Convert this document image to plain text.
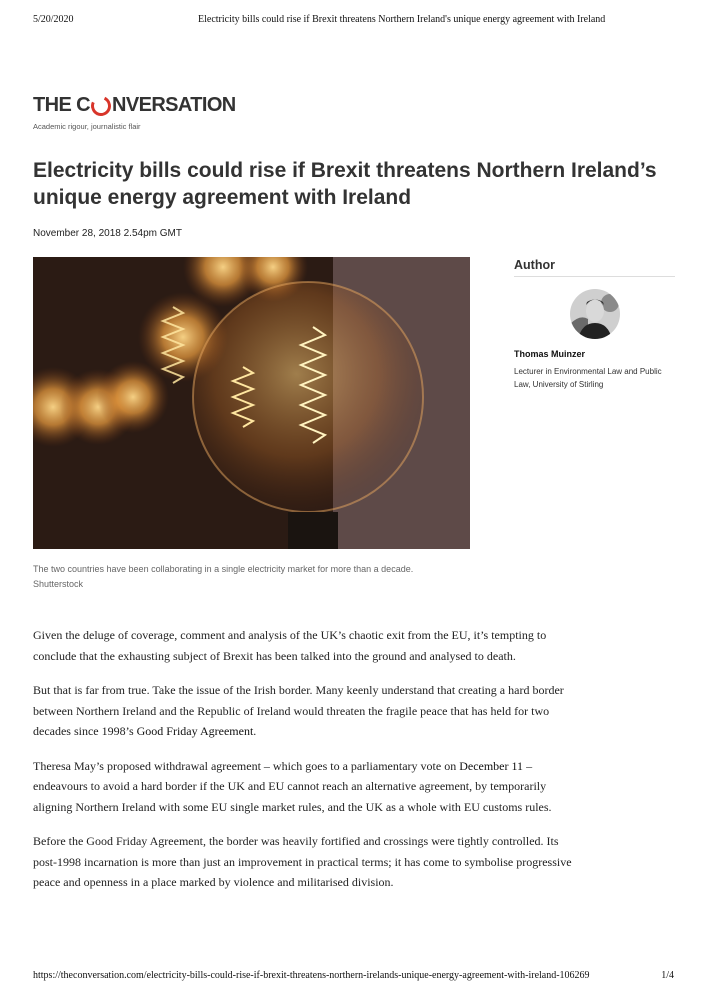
5/20/2020	Electricity bills could rise if Brexit threatens Northern Ireland's unique energy agreement with Ireland
THE C NVERSATION
Academic rigour, journalistic flair
Electricity bills could rise if Brexit threatens Northern Ireland’s unique energy agreement with Ireland
November 28, 2018 2.54pm GMT
The two countries have been collaborating in a single electricity market for more than a decade.
Shutterstock
Author
Thomas Muinzer
Lecturer in Environmental Law and Public Law, University of Stirling

Given the deluge of coverage, comment and analysis of the UK’s chaotic exit from the EU, it’s tempting to conclude that the exhausting subject of Brexit has been talked into the ground and analysed to death.

But that is far from true. Take the issue of the Irish border. Many keenly understand that creating a hard border between Northern Ireland and the Republic of Ireland would threaten the fragile peace that has held for two decades since 1998’s Good Friday Agreement.

Theresa May’s proposed withdrawal agreement – which goes to a parliamentary vote on December 11 – endeavours to avoid a hard border if the UK and EU cannot reach an alternative agreement, by temporarily aligning Northern Ireland with some EU single market rules, and the UK as a whole with EU customs rules.

Before the Good Friday Agreement, the border was heavily fortified and crossings were tightly controlled. Its post-1998 incarnation is more than just an improvement in practical terms; it has come to symbolise progressive peace and openness in a place marked by violence and militarised division.

https://theconversation.com/electricity-bills-could-rise-if-brexit-threatens-northern-irelands-unique-energy-agreement-with-ireland-106269	1/4
